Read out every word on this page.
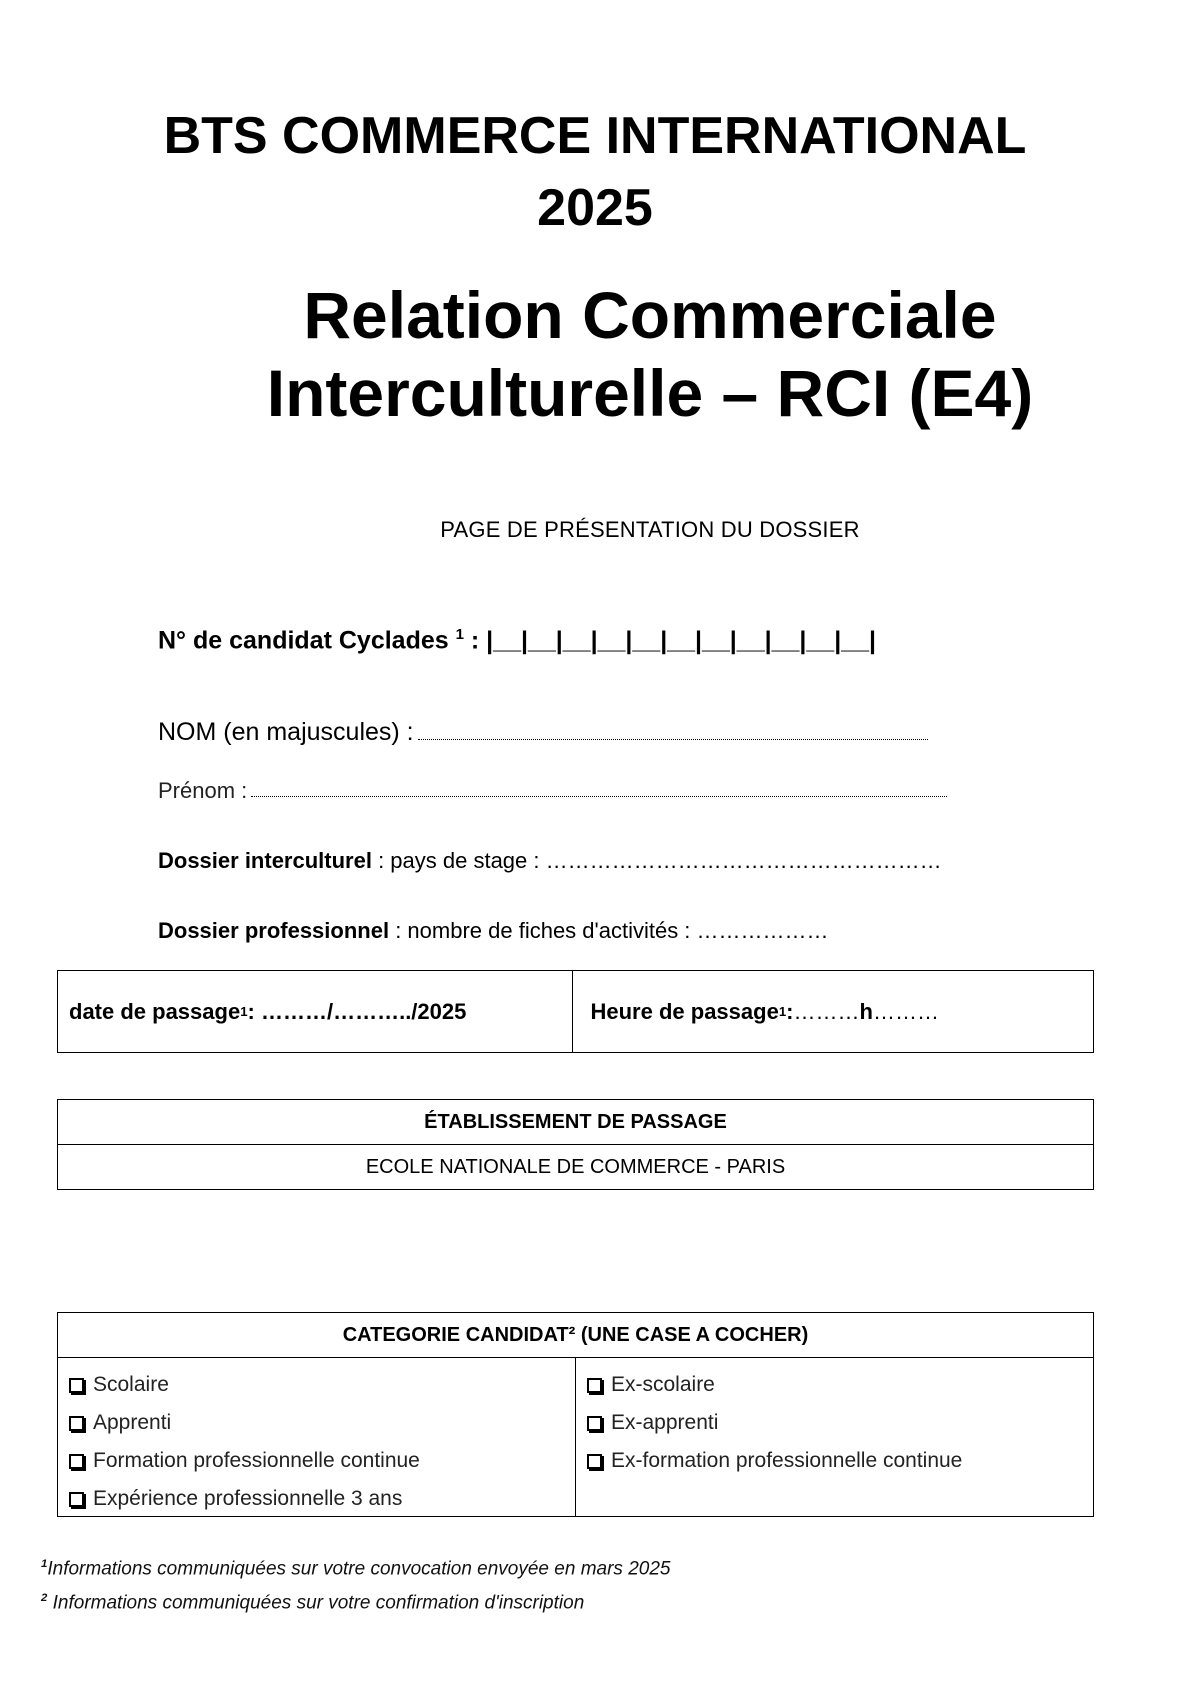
BTS COMMERCE INTERNATIONAL
2025
Relation Commerciale
Interculturelle – RCI (E4)
PAGE DE PRÉSENTATION DU DOSSIER
N° de candidat Cyclades $^1$ : |__|__|__|__|__|__|__|__|__|__|__|
NOM (en majuscules) :
Prénom :
Dossier interculturel : pays de stage : ………………………………………………
Dossier professionnel : nombre de fiches d'activités : ………………
date de passage 1 : ………/………../2025	Heure de passage 1 : ……… h ………
ÉTABLISSEMENT DE PASSAGE
ECOLE NATIONALE DE COMMERCE - PARIS
CATEGORIE CANDIDAT² (UNE CASE A COCHER)
Scolaire
Apprenti
Formation professionnelle continue
Expérience professionnelle 3 ans
Ex-scolaire
Ex-apprenti
Ex-formation professionnelle continue
$^1$Informations communiquées sur votre convocation envoyée en mars 2025
$^2$ Informations communiquées sur votre confirmation d'inscription
